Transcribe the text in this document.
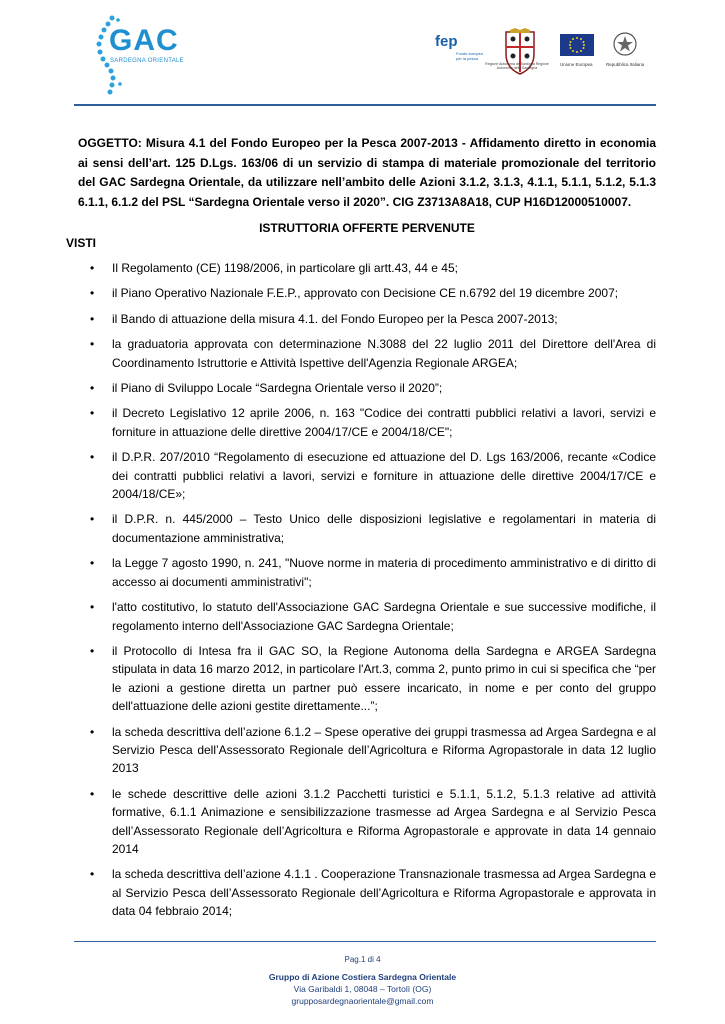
GAC
SARDEGNA ORIENTALE
fep
Fondo europeo per la pesca
Regione Autonoma de Sardigna Regione Autonoma della Sardegna
Unione Europea	Repubblica Italiana

OGGETTO: Misura 4.1 del Fondo Europeo per la Pesca 2007-2013 - Affidamento diretto in economia ai sensi dell’art. 125 D.Lgs. 163/06 di un servizio di stampa di materiale promozionale del territorio del GAC Sardegna Orientale, da utilizzare nell’ambito delle Azioni 3.1.2, 3.1.3, 4.1.1, 5.1.1, 5.1.2, 5.1.3 6.1.1, 6.1.2 del PSL “Sardegna Orientale verso il 2020”. CIG Z3713A8A18, CUP H16D12000510007.

ISTRUTTORIA OFFERTE PERVENUTE

VISTI
• Il Regolamento (CE) 1198/2006, in particolare gli artt.43, 44 e 45;
• il Piano Operativo Nazionale F.E.P., approvato con Decisione CE n.6792 del 19 dicembre 2007;
• il Bando di attuazione della misura 4.1. del Fondo Europeo per la Pesca 2007-2013;
• la graduatoria approvata con determinazione N.3088 del 22 luglio 2011 del Direttore dell'Area di Coordinamento Istruttorie e Attività Ispettive dell'Agenzia Regionale ARGEA;
• il Piano di Sviluppo Locale “Sardegna Orientale verso il 2020”;
• il Decreto Legislativo 12 aprile 2006, n. 163 "Codice dei contratti pubblici relativi a lavori, servizi e forniture in attuazione delle direttive 2004/17/CE e 2004/18/CE";
• il D.P.R. 207/2010 “Regolamento di esecuzione ed attuazione del D. Lgs 163/2006, recante «Codice dei contratti pubblici relativi a lavori, servizi e forniture in attuazione delle direttive 2004/17/CE e 2004/18/CE»;
• il D.P.R. n. 445/2000 – Testo Unico delle disposizioni legislative e regolamentari in materia di documentazione amministrativa;
• la Legge 7 agosto 1990, n. 241, "Nuove norme in materia di procedimento amministrativo e di diritto di accesso ai documenti amministrativi";
• l'atto costitutivo, lo statuto dell'Associazione GAC Sardegna Orientale e sue successive modifiche, il regolamento interno dell'Associazione GAC Sardegna Orientale;
• il Protocollo di Intesa fra il GAC SO, la Regione Autonoma della Sardegna e ARGEA Sardegna stipulata in data 16 marzo 2012, in particolare l'Art.3, comma 2, punto primo in cui si specifica che “per le azioni a gestione diretta un partner può essere incaricato, in nome e per conto del gruppo dell'attuazione delle azioni gestite direttamente...”;
• la scheda descrittiva dell’azione 6.1.2 – Spese operative dei gruppi trasmessa ad Argea Sardegna e al Servizio Pesca dell’Assessorato Regionale dell’Agricoltura e Riforma Agropastorale in data 12 luglio 2013
• le schede descrittive delle azioni 3.1.2 Pacchetti turistici e 5.1.1, 5.1.2, 5.1.3 relative ad attività formative, 6.1.1 Animazione e sensibilizzazione trasmesse ad Argea Sardegna e al Servizio Pesca dell’Assessorato Regionale dell’Agricoltura e Riforma Agropastorale e approvate in data 14 gennaio 2014
• la scheda descrittiva dell’azione 4.1.1 . Cooperazione Transnazionale trasmessa ad Argea Sardegna e al Servizio Pesca dell’Assessorato Regionale dell’Agricoltura e Riforma Agropastorale e approvata in data 04 febbraio 2014;
Pag.1 di 4
Gruppo di Azione Costiera Sardegna Orientale
Via Garibaldi 1, 08048 – Tortolì (OG)
grupposardegnaorientale@gmail.com
